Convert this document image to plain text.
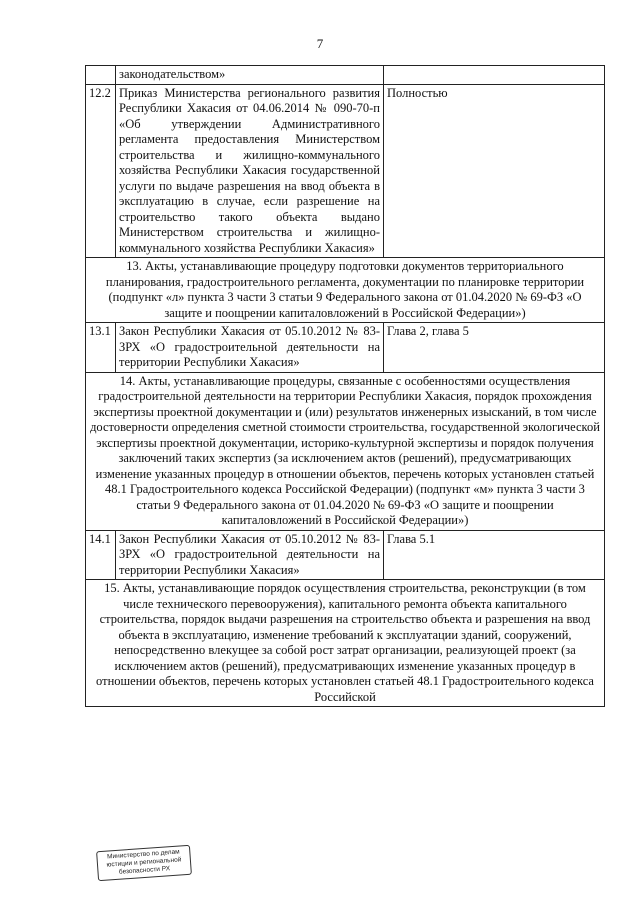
7
	законодательством»	
12.2	Приказ Министерства регионального развития Республики Хакасия от 04.06.2014 № 090-70-п «Об утверждении Административного регламента предоставления Министерством строительства и жилищно-коммунального хозяйства Республики Хакасия государственной услуги по выдаче разрешения на ввод объекта в эксплуатацию в случае, если разрешение на строительство такого объекта выдано Министерством строительства и жилищно-коммунального хозяйства Республики Хакасия»	Полностью
13. Акты, устанавливающие процедуру подготовки документов территориального планирования, градостроительного регламента, документации по планировке территории (подпункт «л» пункта 3 части 3 статьи 9 Федерального закона от 01.04.2020 № 69-ФЗ «О защите и поощрении капиталовложений в Российской Федерации»)		
13.1	Закон Республики Хакасия от 05.10.2012 № 83-ЗРХ «О градостроительной деятельности на территории Республики Хакасия»	Глава 2, глава 5
14. Акты, устанавливающие процедуры, связанные с особенностями осуществления градостроительной деятельности на территории Республики Хакасия, порядок прохождения экспертизы проектной документации и (или) результатов инженерных изысканий, в том числе достоверности определения сметной стоимости строительства, государственной экологической экспертизы проектной документации, историко-культурной экспертизы и порядок получения заключений таких экспертиз (за исключением актов (решений), предусматривающих изменение указанных процедур в отношении объектов, перечень которых установлен статьей 48.1 Градостроительного кодекса Российской Федерации) (подпункт «м» пункта 3 части 3 статьи 9 Федерального закона от 01.04.2020 № 69-ФЗ «О защите и поощрении капиталовложений в Российской Федерации»)		
14.1	Закон Республики Хакасия от 05.10.2012 № 83-ЗРХ «О градостроительной деятельности на территории Республики Хакасия»	Глава 5.1
15. Акты, устанавливающие порядок осуществления строительства, реконструкции (в том числе технического перевооружения), капитального ремонта объекта капитального строительства, порядок выдачи разрешения на строительство объекта и разрешения на ввод объекта в эксплуатацию, изменение требований к эксплуатации зданий, сооружений, непосредственно влекущее за собой рост затрат организации, реализующей проект (за исключением актов (решений), предусматривающих изменение указанных процедур в отношении объектов, перечень которых установлен статьей 48.1 Градостроительного кодекса Российской		
Министерство по делам юстиции и региональной безопасности РХ
